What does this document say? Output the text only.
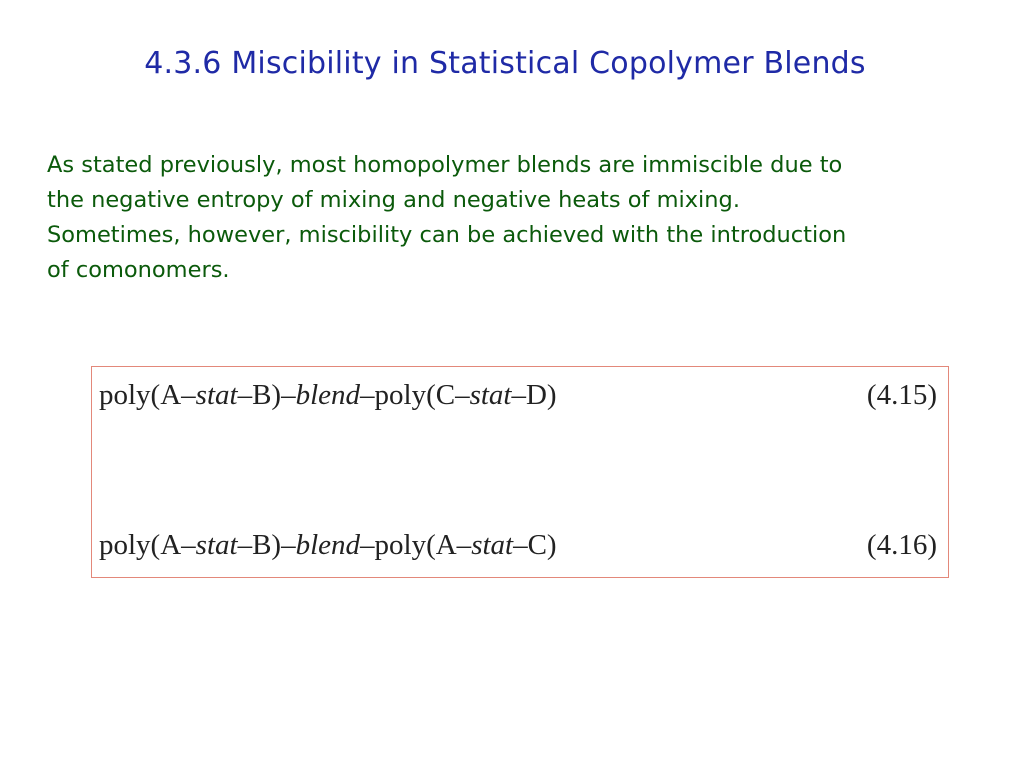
4.3.6 Miscibility in Statistical Copolymer Blends
As stated previously, most homopolymer blends are immiscible due to
the negative entropy of mixing and negative heats of mixing.
Sometimes, however, miscibility can be achieved with the introduction
of comonomers.
poly(A–stat–B)–blend–poly(C–stat–D)	(4.15)
poly(A–stat–B)–blend–poly(A–stat–C)	(4.16)
